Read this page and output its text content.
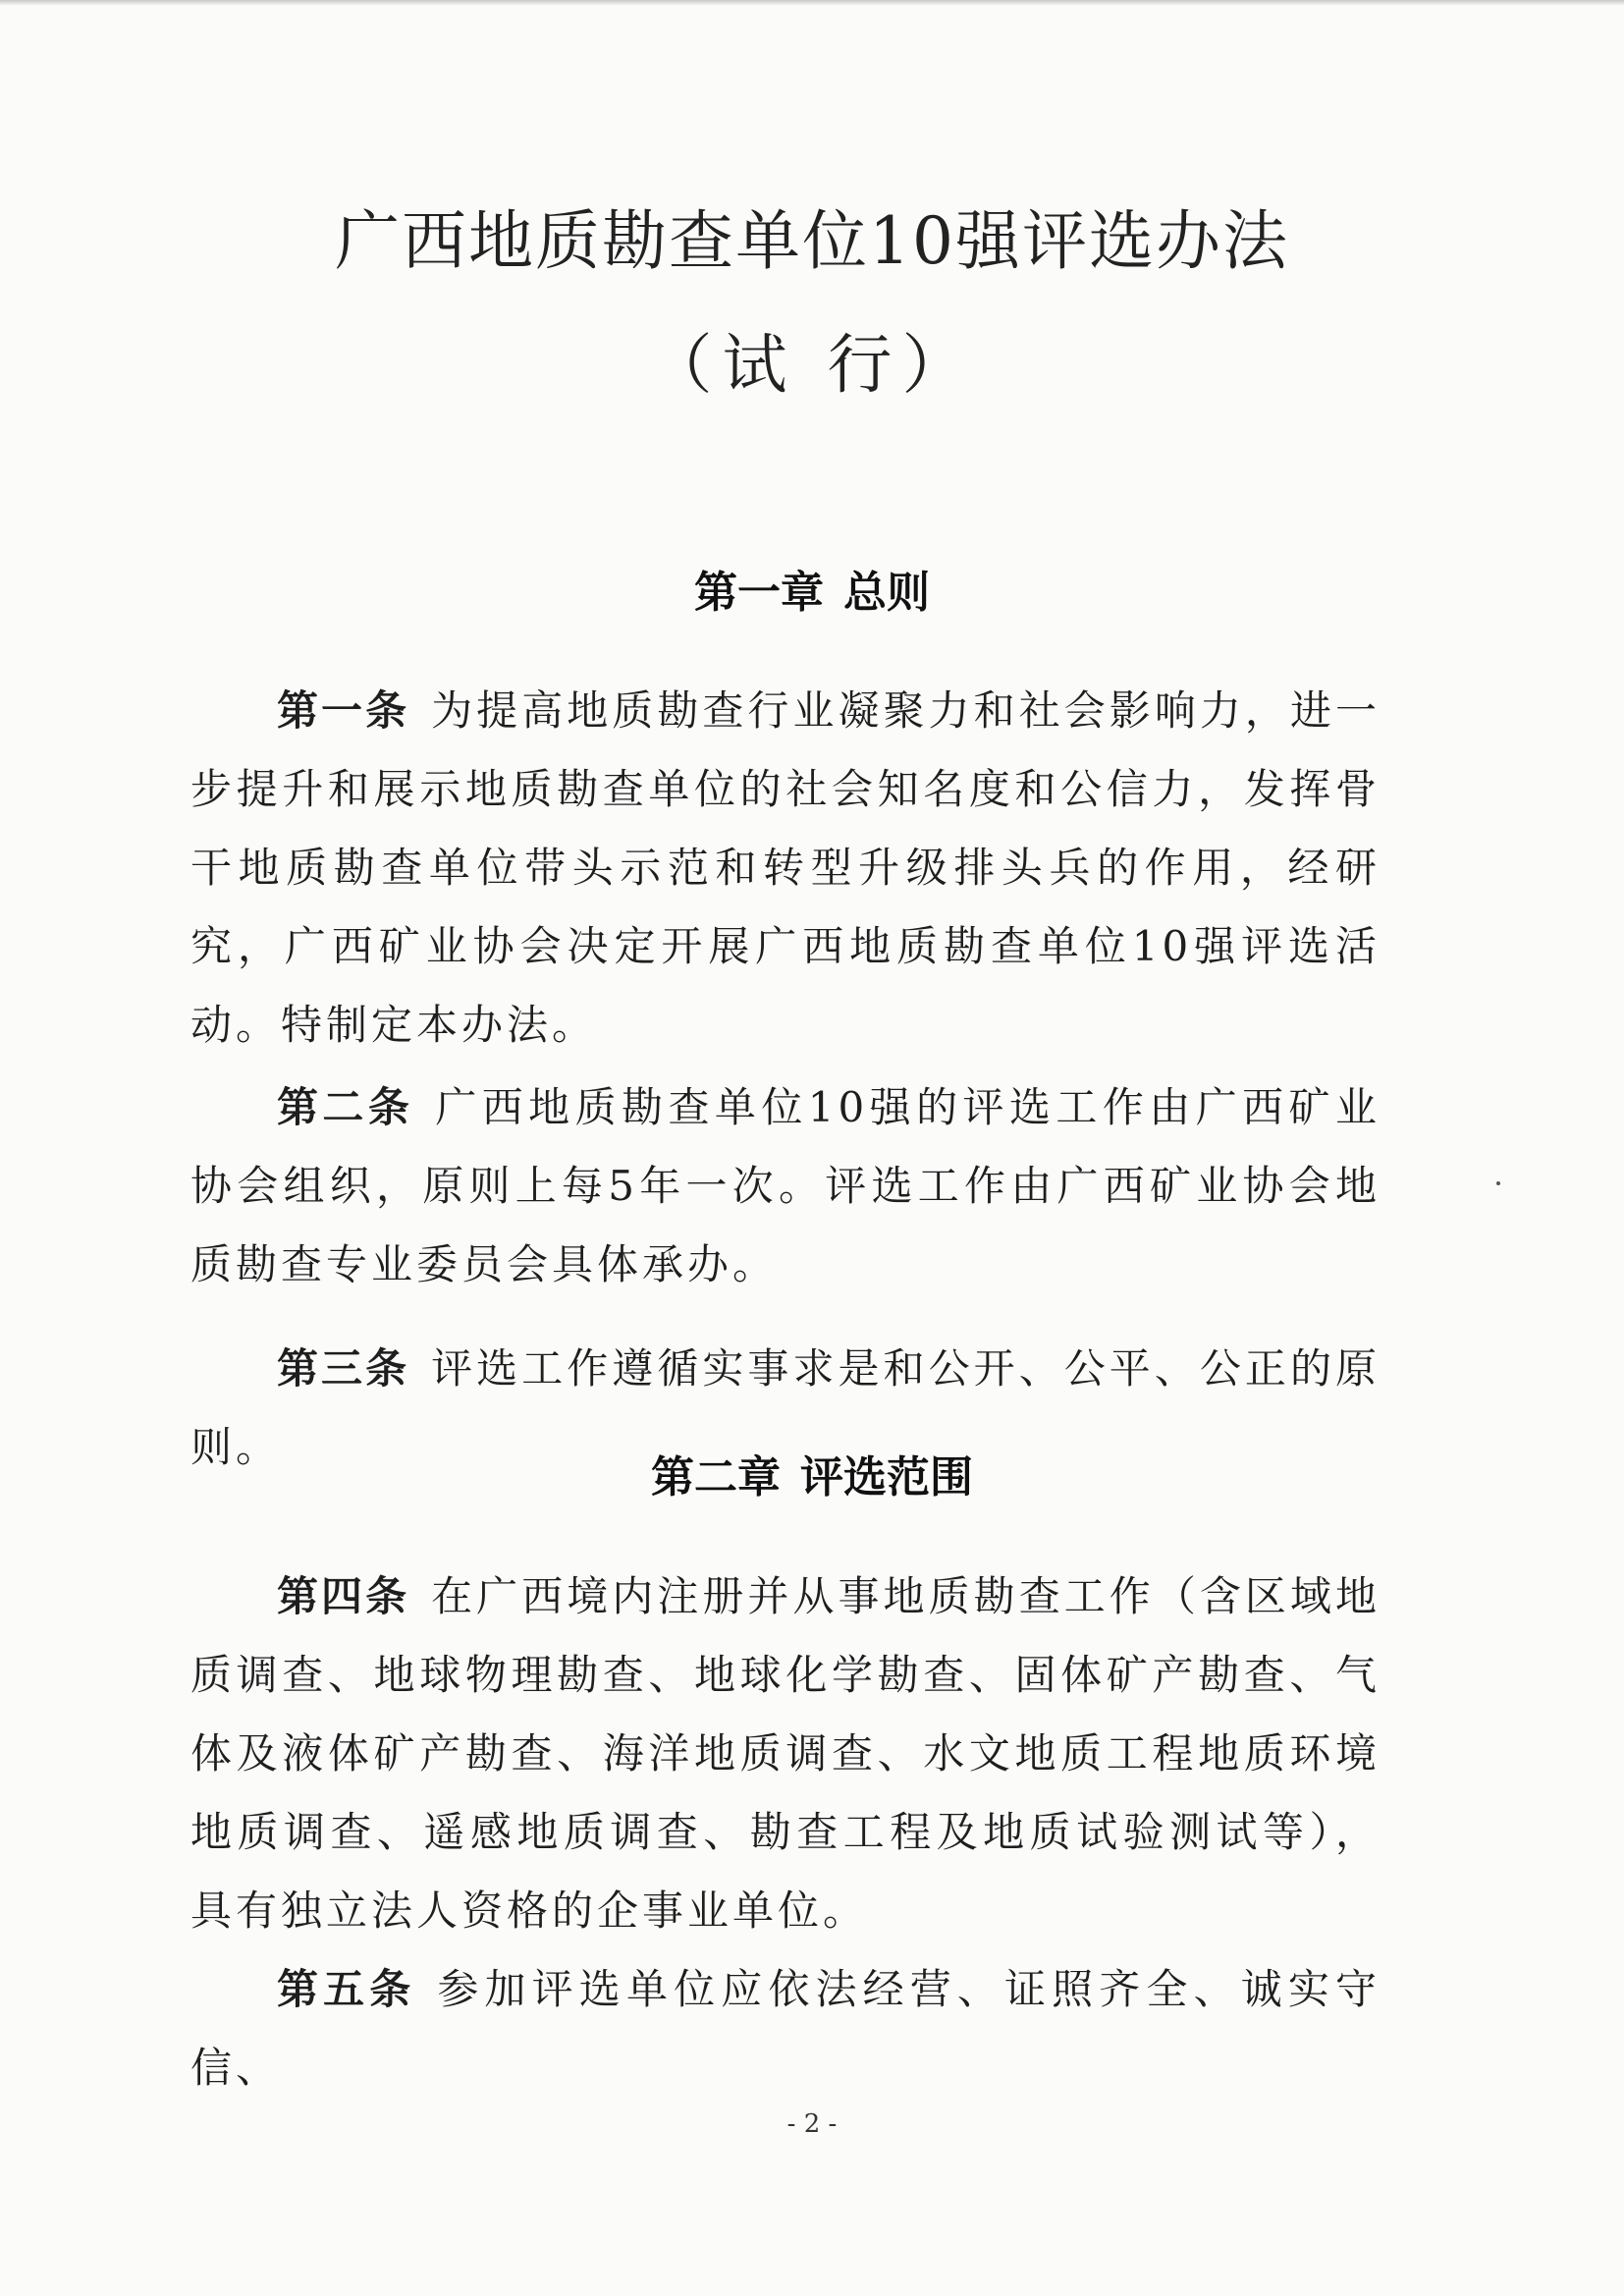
广西地质勘查单位10强评选办法
（试 行）
第一章 总则
第一条 为提高地质勘查行业凝聚力和社会影响力，进一步提升和展示地质勘查单位的社会知名度和公信力，发挥骨干地质勘查单位带头示范和转型升级排头兵的作用，经研究，广西矿业协会决定开展广西地质勘查单位10强评选活动。特制定本办法。
第二条 广西地质勘查单位10强的评选工作由广西矿业协会组织，原则上每5年一次。评选工作由广西矿业协会地质勘查专业委员会具体承办。
第三条 评选工作遵循实事求是和公开、公平、公正的原则。
第二章 评选范围
第四条 在广西境内注册并从事地质勘查工作（含区域地质调查、地球物理勘查、地球化学勘查、固体矿产勘查、气体及液体矿产勘查、海洋地质调查、水文地质工程地质环境地质调查、遥感地质调查、勘查工程及地质试验测试等），具有独立法人资格的企事业单位。
第五条 参加评选单位应依法经营、证照齐全、诚实守信、
- 2 -
